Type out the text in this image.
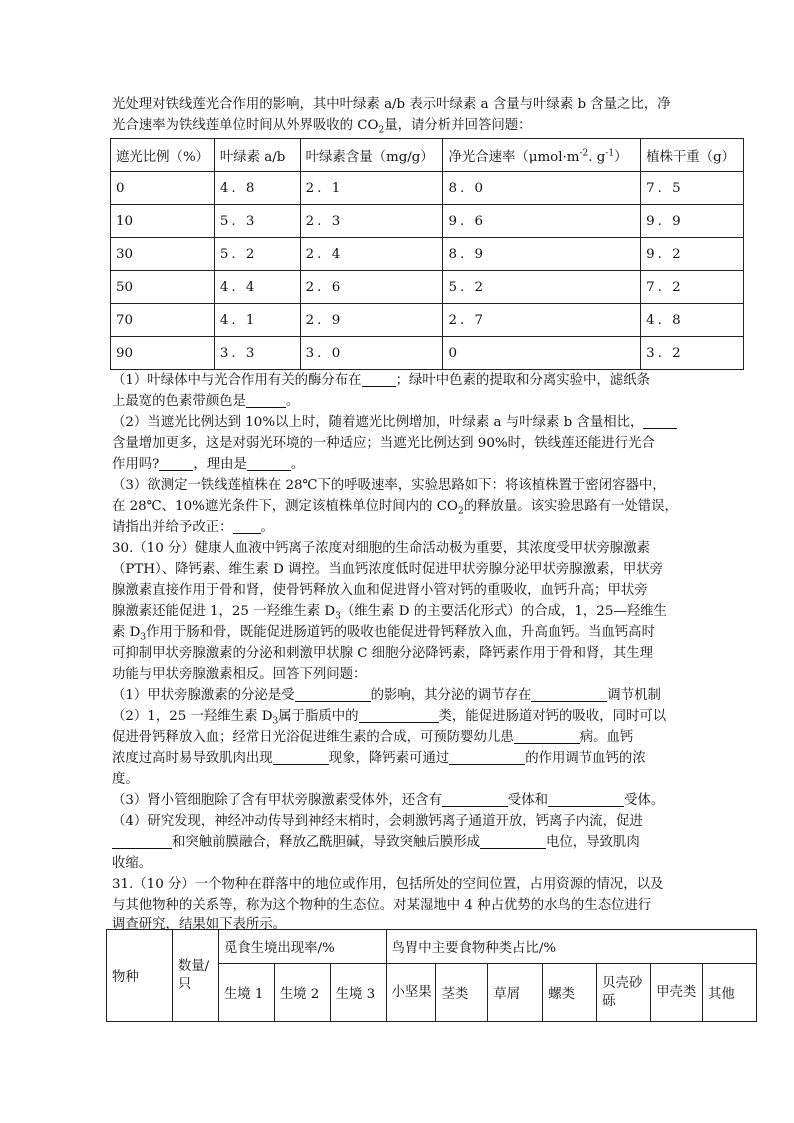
光处理对铁线莲光合作用的影响，其中叶绿素 a/b 表示叶绿素 a 含量与叶绿素 b 含量之比，净
光合速率为铁线莲单位时间从外界吸收的 $CO_2$量，请分析并回答问题：
遮光比例（%）	叶绿素 a/b	叶绿素含量（mg/g）	净光合速率（$\mu mol\cdot m^{-2}$. $g^{-1}$）	植株干重（g）
0	4. 8	2. 1	8. 0	7. 5
10	5. 3	2. 3	9. 6	9. 9
30	5. 2	2. 4	8. 9	9. 2
50	4. 4	2. 6	5. 2	7. 2
70	4. 1	2. 9	2. 7	4. 8
90	3. 3	3. 0	0	3. 2
（1）叶绿体中与光合作用有关的酶分布在	；绿叶中色素的提取和分离实验中，滤纸条
上最宽的色素带颜色是	。
（2）当遮光比例达到 10%以上时，随着遮光比例增加，叶绿素 a 与叶绿素 b 含量相比，
含量增加更多，这是对弱光环境的一种适应；当遮光比例达到 90%时，铁线莲还能进行光合
作用吗?	，理由是	。
（3）欲测定一铁线莲植株在 28℃下的呼吸速率，实验思路如下：将该植株置于密闭容器中，
在 28℃、10%遮光条件下，测定该植株单位时间内的 $CO_2$的释放量。该实验思路有一处错误，
请指出并给予改正： 。
30.（10 分）健康人血液中钙离子浓度对细胞的生命活动极为重要，其浓度受甲状旁腺激素
（PTH）、降钙素、维生素 D 调控。当血钙浓度低时促进甲状旁腺分泌甲状旁腺激素，甲状旁
腺激素直接作用于骨和肾，使骨钙释放入血和促进肾小管对钙的重吸收，血钙升高；甲状旁
腺激素还能促进 1，25 一羟维生素 $D_3$（维生素 D 的主要活化形式）的合成，1，25—羟维生
素 $D_3$作用于肠和骨，既能促进肠道钙的吸收也能促进骨钙释放入血，升高血钙。当血钙高时
可抑制甲状旁腺激素的分泌和刺激甲状腺 C 细胞分泌降钙素，降钙素作用于骨和肾，其生理
功能与甲状旁腺激素相反。回答下列问题：
（1）甲状旁腺激素的分泌是受	的影响，其分泌的调节存在	调节机制
（2）1，25 一羟维生素 $D_3$属于脂质中的	类，能促进肠道对钙的吸收，同时可以
促进骨钙释放入血；经常日光浴促进维生素的合成，可预防婴幼儿患	病。血钙
浓度过高时易导致肌肉出现	现象，降钙素可通过	的作用调节血钙的浓
度。
（3）肾小管细胞除了含有甲状旁腺激素受体外，还含有	受体和	受体。
（4）研究发现，神经冲动传导到神经末梢时，会刺激钙离子通道开放，钙离子内流，促进
和突触前膜融合，释放乙酰胆碱，导致突触后膜形成	电位，导致肌肉
收缩。
31.（10 分）一个物种在群落中的地位或作用，包括所处的空间位置，占用资源的情况，以及
与其他物种的关系等，称为这个物种的生态位。对某湿地中 4 种占优势的水鸟的生态位进行
调查研究，结果如下表所示。
物种	数量/只	觅食生境出现率/%			鸟胃中主要食物种类占比/%						
		生境 1	生境 2	生境 3	小坚果	茎类	草屑	螺类	贝壳砂砾	甲壳类	其他
